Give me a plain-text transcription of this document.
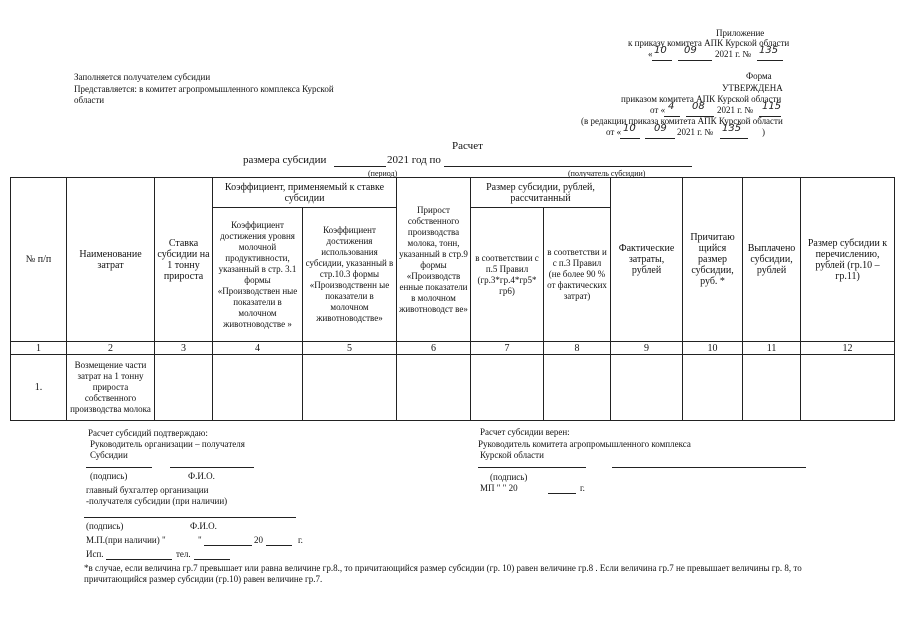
Приложение
к приказу комитета АПК Курской области
« 10 09 2021 г. № 135
Форма
УТВЕРЖДЕНА
приказом комитета АПК Курской области
от « 4 08 2021 г. № 115
(в редакции приказа комитета АПК Курской области
от « 10 09 2021 г. № 135 )
Заполняется получателем субсидии
Представляется: в комитет агропромышленного комплекса Курской
области
Расчет
размера субсидии	2021 год по
(период)	(получатель субсидии)
№ п/п	Наименование затрат	Ставка субсидии на 1 тонну прироста	Коэффициент, применяемый к ставке субсидии		Прирост собственного производства молока, тонн, указанный в стр.9 формы «Производств енные показатели в молочном животноводст ве»	Размер субсидии, рублей, рассчитанный		Фактические затраты, рублей	Причитаю щийся размер субсидии, руб. *	Выплачено субсидии, рублей	Размер субсидии к перечислению, рублей (гр.10 – гр.11)
			Коэффициент достижения уровня молочной продуктивности, указанный в стр. 3.1 формы «Производствен ные показатели в молочном животноводстве »	Коэффициент достижения использования субсидии, указанный в стр.10.3 формы «Производственн ые показатели в молочном животноводстве»		в соответствии с п.5 Правил (гр.3*гр.4*гр5* гр6)	в соответстви и с п.3 Правил (не более 90 % от фактических затрат)				
1	2	3	4	5	6	7	8	9	10	11	12
1.	Возмещение части затрат на 1 тонну прироста собственного производства молока										
Расчет субсидий подтверждаю:
Руководитель организации – получателя
Субсидии
(подпись)	Ф.И.О.
главный бухгалтер организации
-получателя субсидии (при наличии)
(подпись)	Ф.И.О.
М.П.(при наличии) "	"	20	г.
Исп.	тел.
Расчет субсидии верен:
Руководитель комитета агропромышленного комплекса
Курской области
(подпись)
МП " " 20	г.
*в случае, если величина гр.7 превышает или равна величине гр.8., то причитающийся размер субсидии (гр. 10) равен величине гр.8 . Если величина гр.7 не превышает величины гр. 8, то
причитающийся размер субсидии (гр.10) равен величине гр.7.
